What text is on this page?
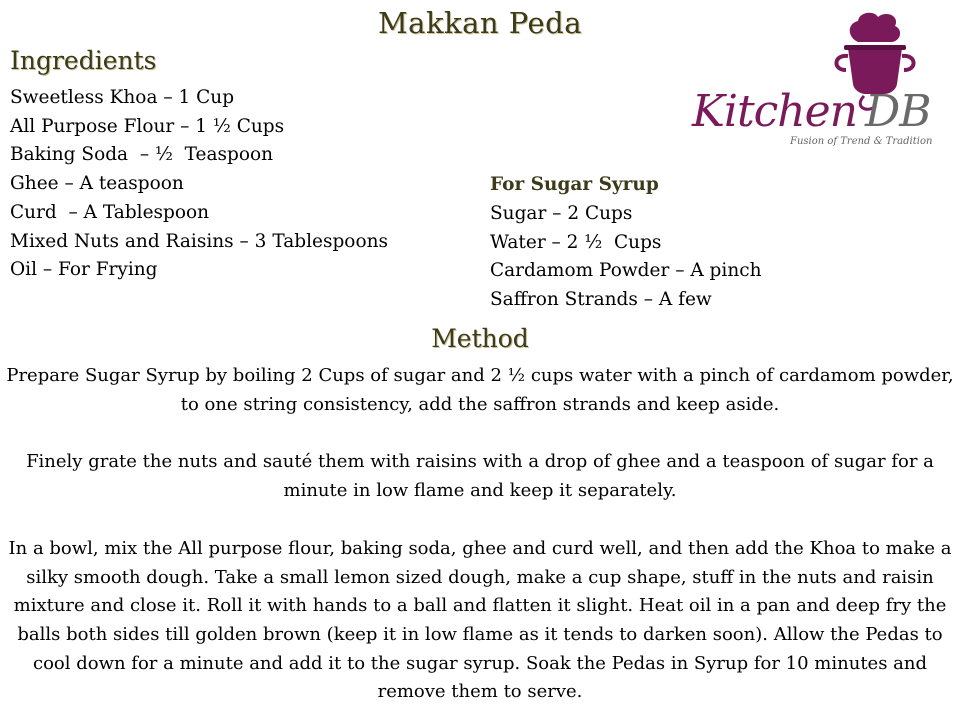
Makkan Peda
Ingredients
Sweetless Khoa – 1 Cup
All Purpose Flour – 1 ½ Cups
Baking Soda  – ½  Teaspoon
Ghee – A teaspoon
Curd  – A Tablespoon
Mixed Nuts and Raisins – 3 Tablespoons
Oil – For Frying
For Sugar Syrup
Sugar – 2 Cups
Water – 2 ½  Cups
Cardamom Powder – A pinch
Saffron Strands – A few
Method

Prepare Sugar Syrup by boiling 2 Cups of sugar and 2 ½ cups water with a pinch of cardamom powder, to one string consistency, add the saffron strands and keep aside.

Finely grate the nuts and sauté them with raisins with a drop of ghee and a teaspoon of sugar for a minute in low flame and keep it separately.

In a bowl, mix the All purpose flour, baking soda, ghee and curd well, and then add the Khoa to make a silky smooth dough. Take a small lemon sized dough, make a cup shape, stuff in the nuts and raisin mixture and close it. Roll it with hands to a ball and flatten it slight. Heat oil in a pan and deep fry the balls both sides till golden brown (keep it in low flame as it tends to darken soon). Allow the Pedas to cool down for a minute and add it to the sugar syrup. Soak the Pedas in Syrup for 10 minutes and remove them to serve.

Kitchen DB
Fusion of Trend & Tradition
